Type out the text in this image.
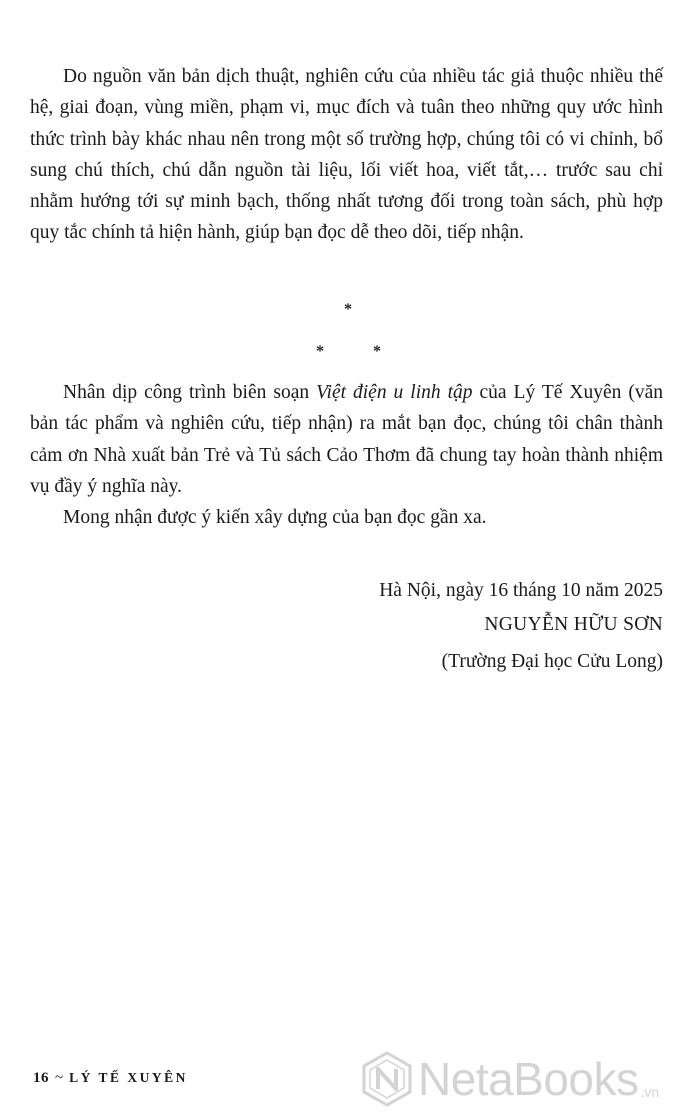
Do nguồn văn bản dịch thuật, nghiên cứu của nhiều tác giả thuộc nhiều thế hệ, giai đoạn, vùng miền, phạm vi, mục đích và tuân theo những quy ước hình thức trình bày khác nhau nên trong một số trường hợp, chúng tôi có vi chỉnh, bổ sung chú thích, chú dẫn nguồn tài liệu, lối viết hoa, viết tắt,… trước sau chỉ nhằm hướng tới sự minh bạch, thống nhất tương đối trong toàn sách, phù hợp quy tắc chính tả hiện hành, giúp bạn đọc dễ theo dõi, tiếp nhận.

*
*	*

Nhân dịp công trình biên soạn Việt điện u linh tập của Lý Tế Xuyên (văn bản tác phẩm và nghiên cứu, tiếp nhận) ra mắt bạn đọc, chúng tôi chân thành cảm ơn Nhà xuất bản Trẻ và Tủ sách Cảo Thơm đã chung tay hoàn thành nhiệm vụ đầy ý nghĩa này.

Mong nhận được ý kiến xây dựng của bạn đọc gần xa.

Hà Nội, ngày 16 tháng 10 năm 2025
NGUYỄN HỮU SƠN
(Trường Đại học Cửu Long)
16 ~ LÝ TẾ XUYÊN	NetaBooks .vn
